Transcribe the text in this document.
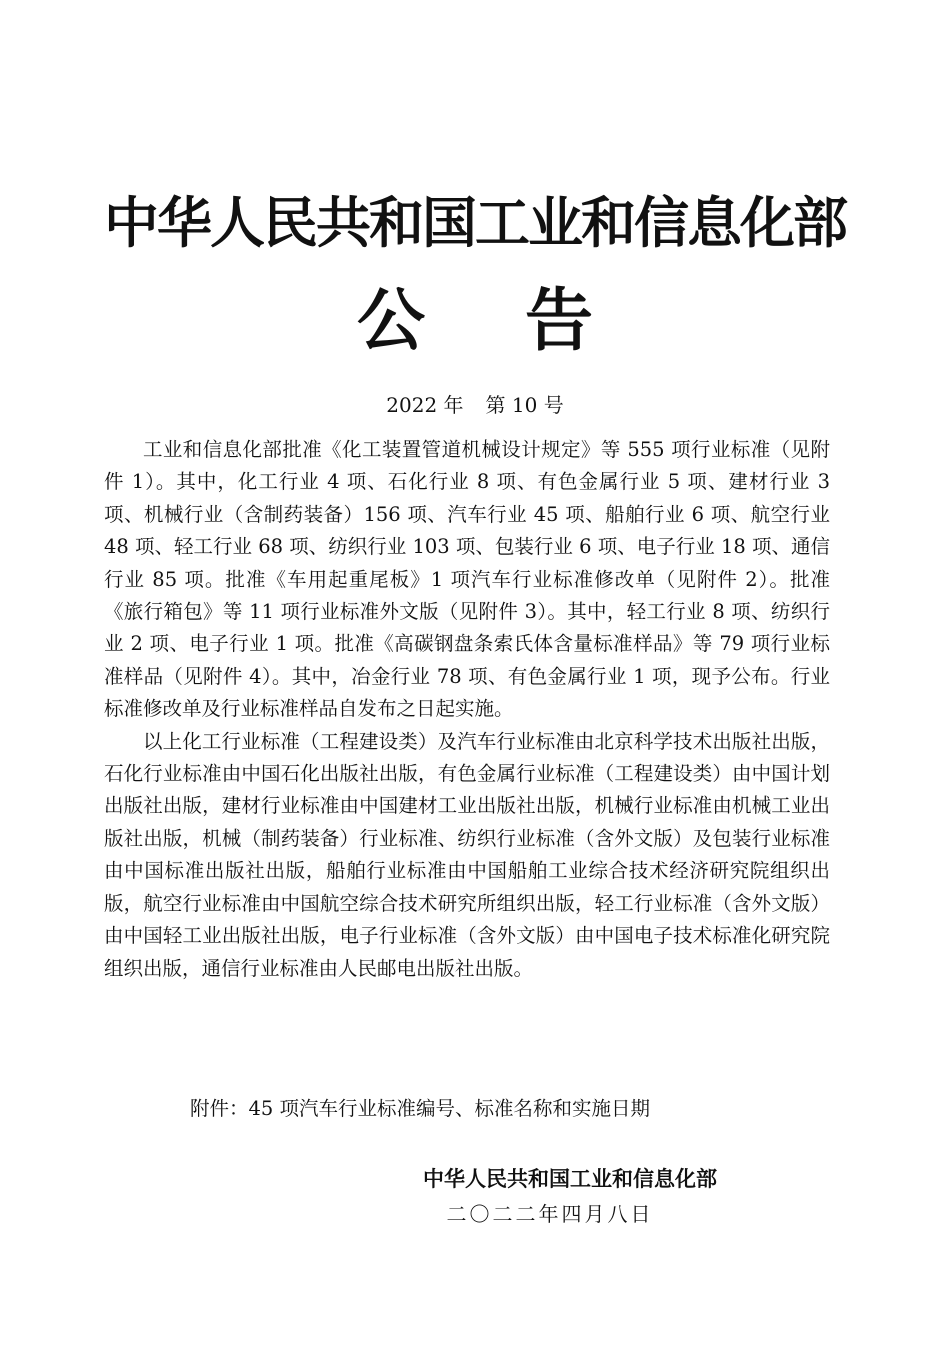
中华人民共和国工业和信息化部
公 告
2022 年 第 10 号

工业和信息化部批准《化工装置管道机械设计规定》等 555 项行业标准（见附件 1）。其中，化工行业 4 项、石化行业 8 项、有色金属行业 5 项、建材行业 3 项、机械行业（含制药装备）156 项、汽车行业 45 项、船舶行业 6 项、航空行业 48 项、轻工行业 68 项、纺织行业 103 项、包装行业 6 项、电子行业 18 项、通信行业 85 项。批准《车用起重尾板》1 项汽车行业标准修改单（见附件 2）。批准《旅行箱包》等 11 项行业标准外文版（见附件 3）。其中，轻工行业 8 项、纺织行业 2 项、电子行业 1 项。批准《高碳钢盘条索氏体含量标准样品》等 79 项行业标准样品（见附件 4）。其中，冶金行业 78 项、有色金属行业 1 项，现予公布。行业标准修改单及行业标准样品自发布之日起实施。

以上化工行业标准（工程建设类）及汽车行业标准由北京科学技术出版社出版，石化行业标准由中国石化出版社出版，有色金属行业标准（工程建设类）由中国计划出版社出版，建材行业标准由中国建材工业出版社出版，机械行业标准由机械工业出版社出版，机械（制药装备）行业标准、纺织行业标准（含外文版）及包装行业标准由中国标准出版社出版，船舶行业标准由中国船舶工业综合技术经济研究院组织出版，航空行业标准由中国航空综合技术研究所组织出版，轻工行业标准（含外文版）由中国轻工业出版社出版，电子行业标准（含外文版）由中国电子技术标准化研究院组织出版，通信行业标准由人民邮电出版社出版。

附件：45 项汽车行业标准编号、标准名称和实施日期
中华人民共和国工业和信息化部
二〇二二年四月八日
